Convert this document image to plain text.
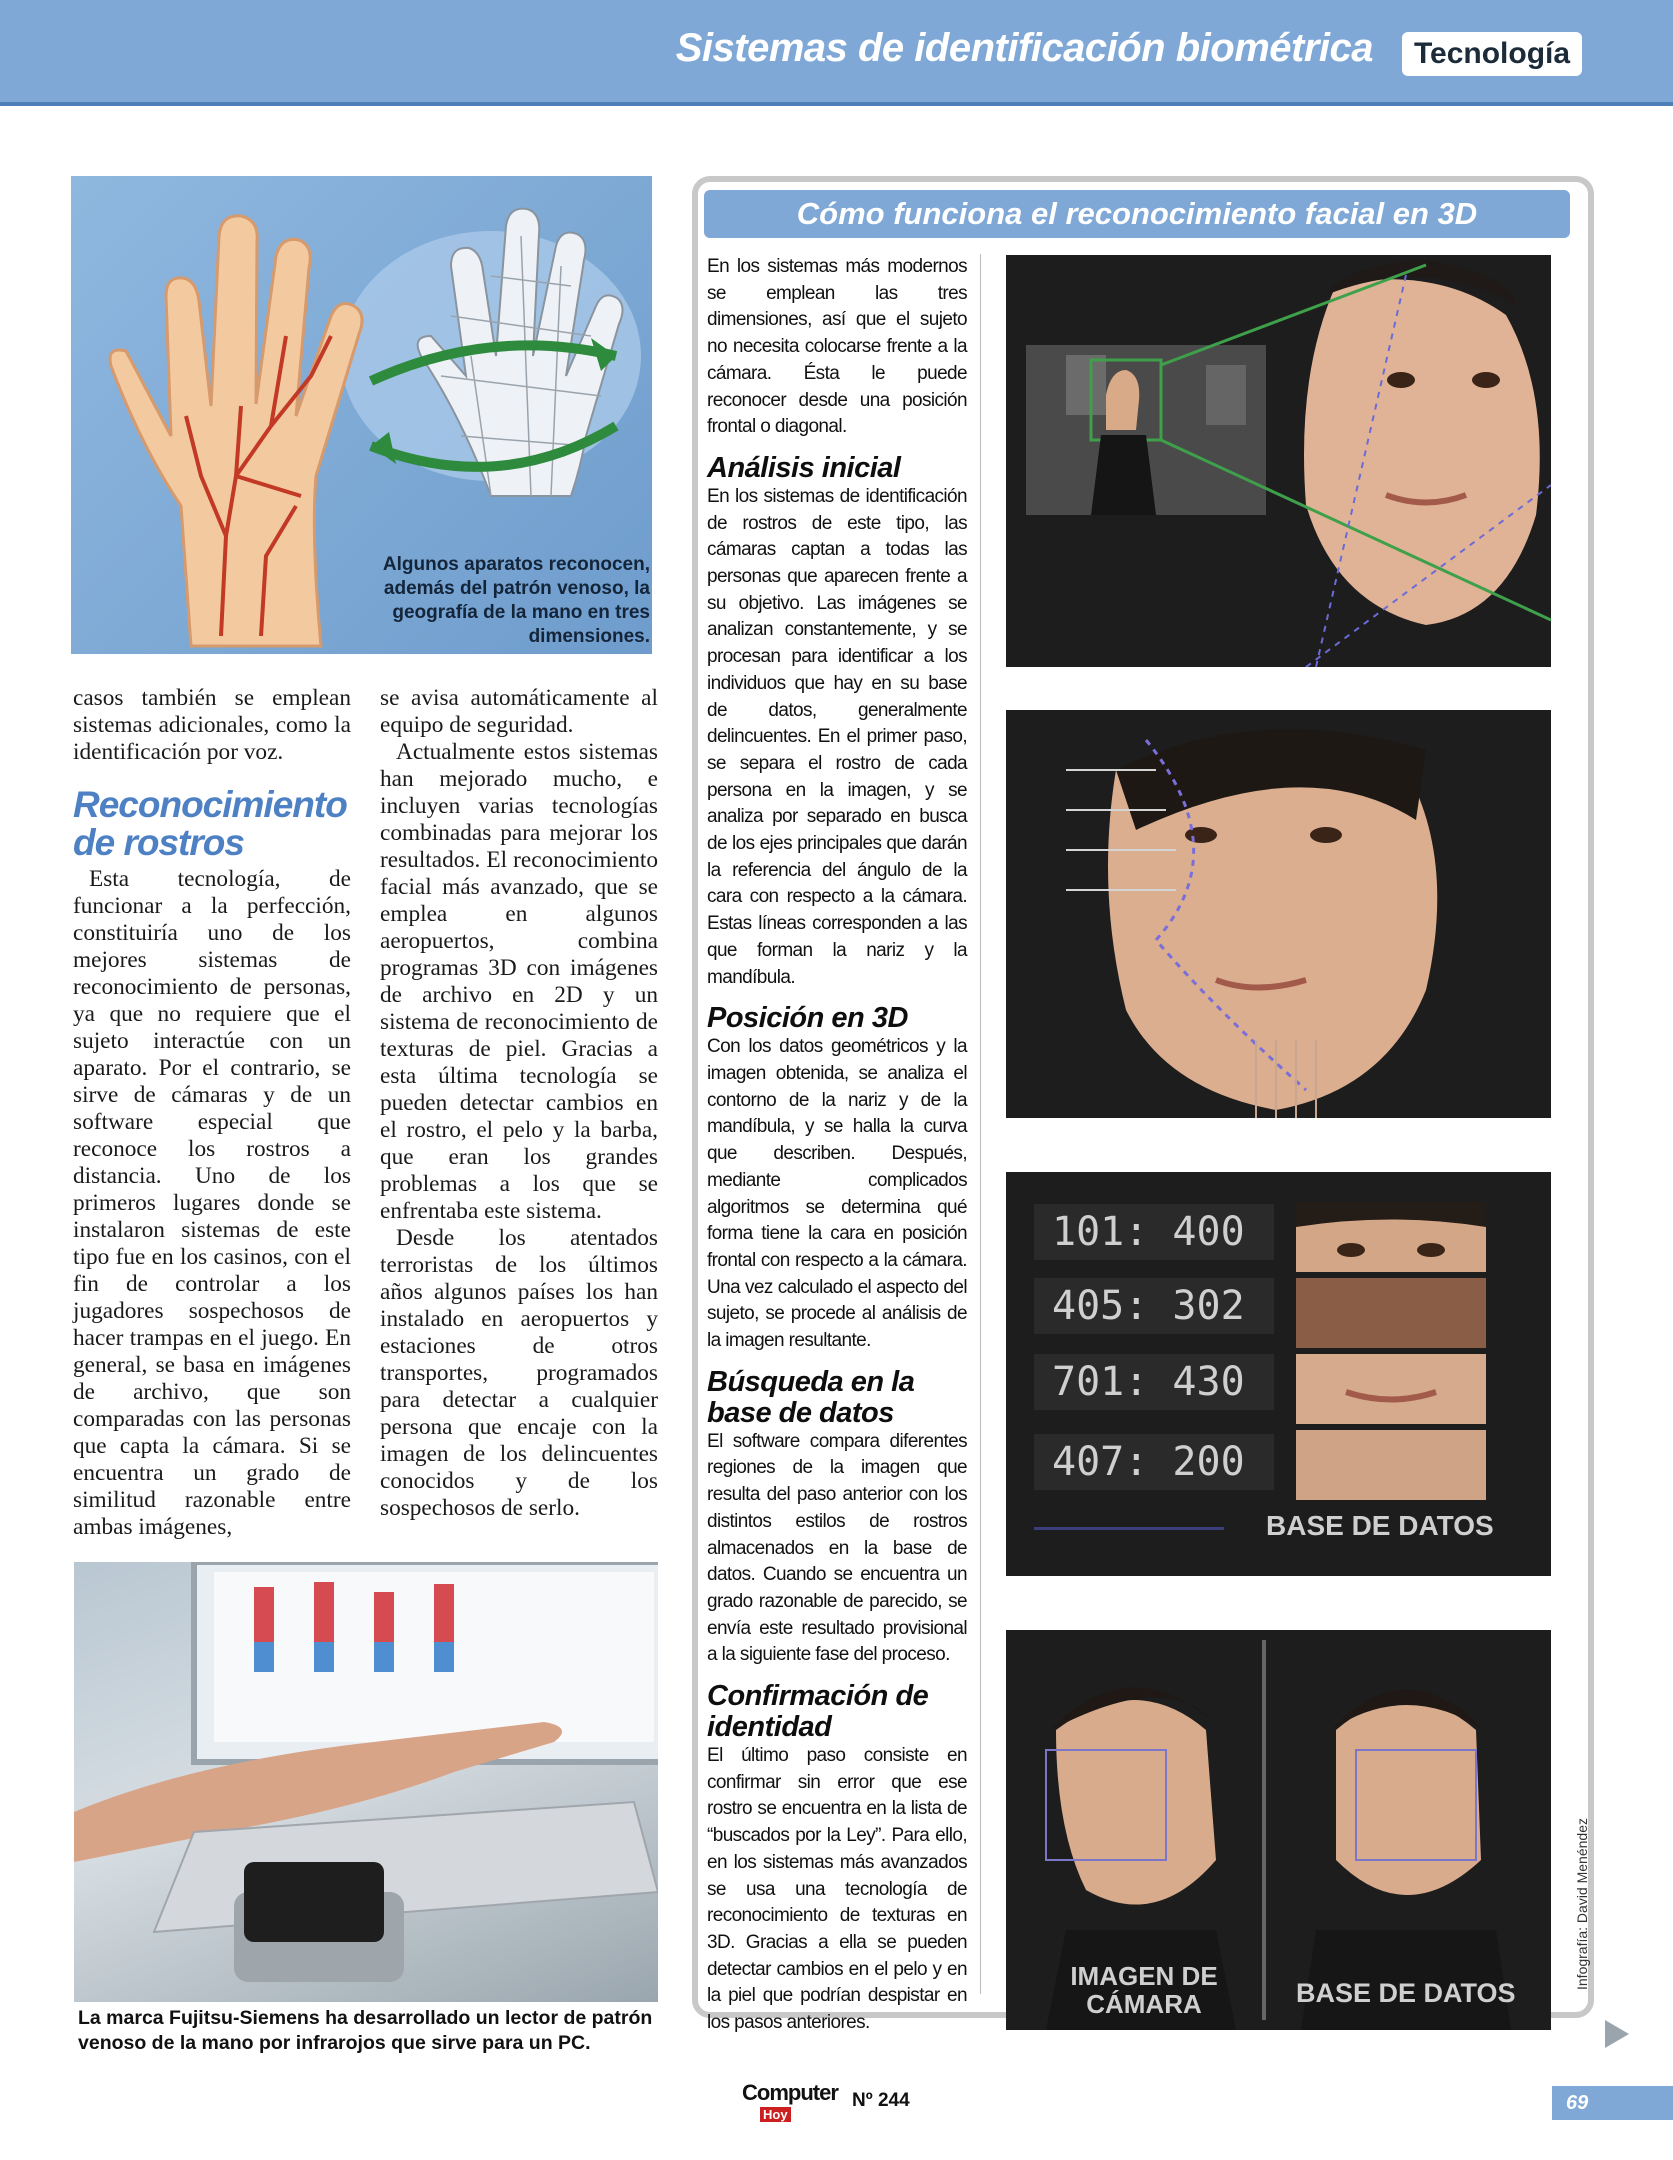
Sistemas de identificación biométrica	Tecnología
Algunos aparatos reconocen, además del patrón venoso, la geografía de la mano en tres dimensiones.

casos también se emplean sistemas adicionales, como la identificación por voz.

Reconocimiento de rostros

Esta tecnología, de funcionar a la perfección, constituiría uno de los mejores sistemas de reconocimiento de personas, ya que no requiere que el sujeto interactúe con un aparato. Por el contrario, se sirve de cámaras y de un software especial que reconoce los rostros a distancia. Uno de los primeros lugares donde se instalaron sistemas de este tipo fue en los casinos, con el fin de controlar a los jugadores sospechosos de hacer trampas en el juego. En general, se basa en imágenes de archivo, que son comparadas con las personas que capta la cámara. Si se encuentra un grado de similitud razonable entre ambas imágenes,

se avisa automáticamente al equipo de seguridad.

Actualmente estos sistemas han mejorado mucho, e incluyen varias tecnologías combinadas para mejorar los resultados. El reconocimiento facial más avanzado, que se emplea en algunos aeropuertos, combina programas 3D con imágenes de archivo en 2D y un sistema de reconocimiento de texturas de piel. Gracias a esta última tecnología se pueden detectar cambios en el rostro, el pelo y la barba, que eran los grandes problemas a los que se enfrentaba este sistema.

Desde los atentados terroristas de los últimos años algunos países los han instalado en aeropuertos y estaciones de otros transportes, programados para detectar a cualquier persona que encaje con la imagen de los delincuentes conocidos y de los sospechosos de serlo.

La marca Fujitsu-Siemens ha desarrollado un lector de patrón venoso de la mano por infrarojos que sirve para un PC.
Cómo funciona el reconocimiento facial en 3D

En los sistemas más modernos se emplean las tres dimensiones, así que el sujeto no necesita colocarse frente a la cámara. Ésta le puede reconocer desde una posición frontal o diagonal.

Análisis inicial

En los sistemas de identificación de rostros de este tipo, las cámaras captan a todas las personas que aparecen frente a su objetivo. Las imágenes se analizan constantemente, y se procesan para identificar a los individuos que hay en su base de datos, generalmente delincuentes. En el primer paso, se separa el rostro de cada persona en la imagen, y se analiza por separado en busca de los ejes principales que darán la referencia del ángulo de la cara con respecto a la cámara. Estas líneas corresponden a las que forman la nariz y la mandíbula.

Posición en 3D

Con los datos geométricos y la imagen obtenida, se analiza el contorno de la nariz y de la mandíbula, y se halla la curva que describen. Después, mediante complicados algoritmos se determina qué forma tiene la cara en posición frontal con respecto a la cámara. Una vez calculado el aspecto del sujeto, se procede al análisis de la imagen resultante.

Búsqueda en la base de datos

El software compara diferentes regiones de la imagen que resulta del paso anterior con los distintos estilos de rostros almacenados en la base de datos. Cuando se encuentra un grado razonable de parecido, se envía este resultado provisional a la siguiente fase del proceso.

Confirmación de identidad

El último paso consiste en confirmar sin error que ese rostro se encuentra en la lista de “buscados por la Ley”. Para ello, en los sistemas más avanzados se usa una tecnología de reconocimiento de texturas en 3D. Gracias a ella se pueden detectar cambios en el pelo y en la piel que podrían despistar en los pasos anteriores.

101: 400
405: 302
701: 430
407: 200
BASE DE DATOS
IMAGEN DE CÁMARA	BASE DE DATOS
Infografía: David Menéndez
Computer
Hoy
Nº 244	69
